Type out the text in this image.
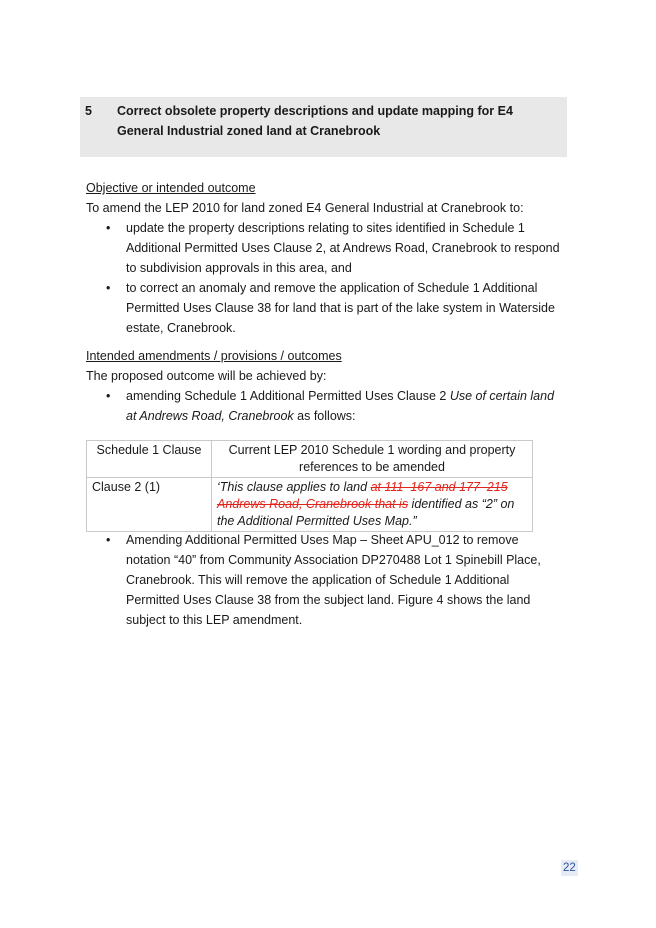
5 Correct obsolete property descriptions and update mapping for E4 General Industrial zoned land at Cranebrook
Objective or intended outcome
To amend the LEP 2010 for land zoned E4 General Industrial at Cranebrook to:
• update the property descriptions relating to sites identified in Schedule 1 Additional Permitted Uses Clause 2, at Andrews Road, Cranebrook to respond to subdivision approvals in this area, and
• to correct an anomaly and remove the application of Schedule 1 Additional Permitted Uses Clause 38 for land that is part of the lake system in Waterside estate, Cranebrook.
Intended amendments / provisions / outcomes
The proposed outcome will be achieved by:
• amending Schedule 1 Additional Permitted Uses Clause 2 Use of certain land at Andrews Road, Cranebrook as follows:
Schedule 1 Clause	Current LEP 2010 Schedule 1 wording and property references to be amended
Clause 2 (1)	‘This clause applies to land at 111–167 and 177–215 Andrews Road, Cranebrook that is identified as “2” on the Additional Permitted Uses Map.”
• Amending Additional Permitted Uses Map – Sheet APU_012 to remove notation “40” from Community Association DP270488 Lot 1 Spinebill Place, Cranebrook. This will remove the application of Schedule 1 Additional Permitted Uses Clause 38 from the subject land. Figure 4 shows the land subject to this LEP amendment.
22
